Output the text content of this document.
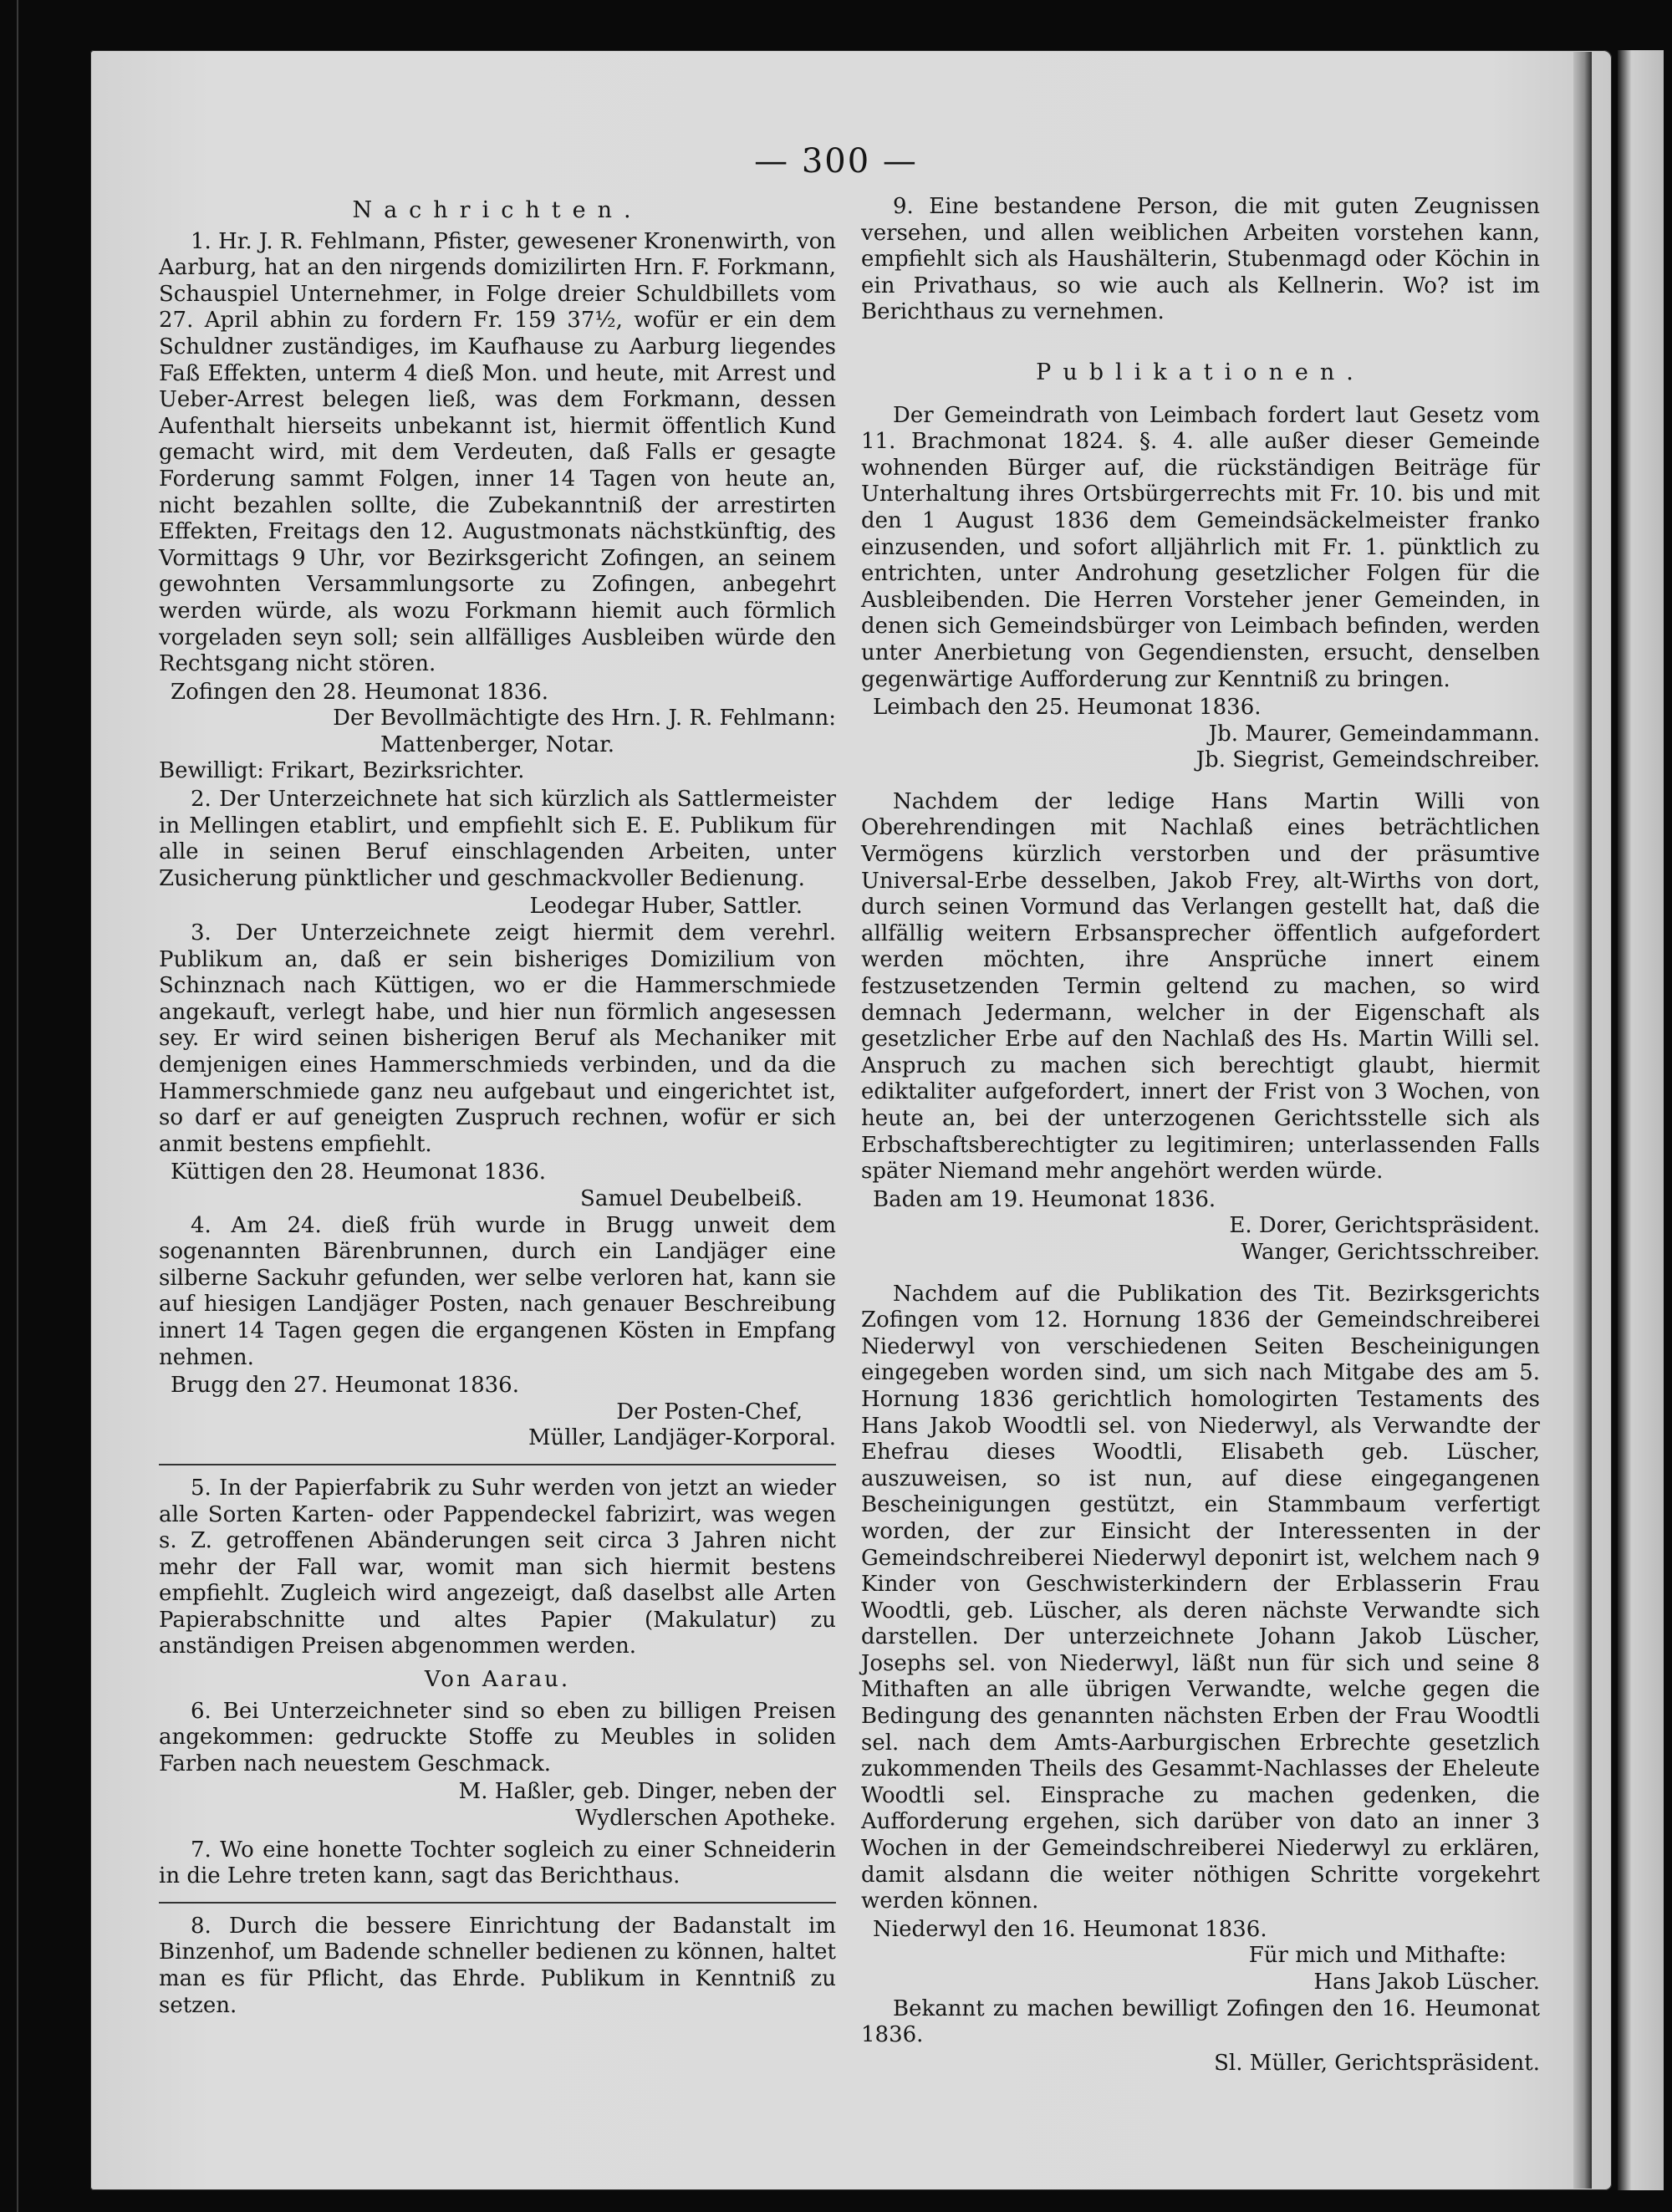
— 300 —

Nachrichten.

1. Hr. J. R. Fehlmann, Pfister, gewesener Kronenwirth, von Aarburg, hat an den nirgends domizilirten Hrn. F. Forkmann, Schauspiel Unternehmer, in Folge dreier Schuldbillets vom 27. April abhin zu fordern Fr. 159 37½, wofür er ein dem Schuldner zuständiges, im Kaufhause zu Aarburg liegendes Faß Effekten, unterm 4 dieß Mon. und heute, mit Arrest und Ueber-Arrest belegen ließ, was dem Forkmann, dessen Aufenthalt hierseits unbekannt ist, hiermit öffentlich Kund gemacht wird, mit dem Verdeuten, daß Falls er gesagte Forderung sammt Folgen, inner 14 Tagen von heute an, nicht bezahlen sollte, die Zubekanntniß der arrestirten Effekten, Freitags den 12. Augustmonats nächstkünftig, des Vormittags 9 Uhr, vor Bezirksgericht Zofingen, an seinem gewohnten Versammlungsorte zu Zofingen, anbegehrt werden würde, als wozu Forkmann hiemit auch förmlich vorgeladen seyn soll; sein allfälliges Ausbleiben würde den Rechtsgang nicht stören.

Zofingen den 28. Heumonat 1836.

Der Bevollmächtigte des Hrn. J. R. Fehlmann:

Mattenberger, Notar.

Bewilligt: Frikart, Bezirksrichter.

2. Der Unterzeichnete hat sich kürzlich als Sattlermeister in Mellingen etablirt, und empfiehlt sich E. E. Publikum für alle in seinen Beruf einschlagenden Arbeiten, unter Zusicherung pünktlicher und geschmackvoller Bedienung.

Leodegar Huber, Sattler.

3. Der Unterzeichnete zeigt hiermit dem verehrl. Publikum an, daß er sein bisheriges Domizilium von Schinznach nach Küttigen, wo er die Hammerschmiede angekauft, verlegt habe, und hier nun förmlich angesessen sey. Er wird seinen bisherigen Beruf als Mechaniker mit demjenigen eines Hammerschmieds verbinden, und da die Hammerschmiede ganz neu aufgebaut und eingerichtet ist, so darf er auf geneigten Zuspruch rechnen, wofür er sich anmit bestens empfiehlt.

Küttigen den 28. Heumonat 1836.

Samuel Deubelbeiß.

4. Am 24. dieß früh wurde in Brugg unweit dem sogenannten Bärenbrunnen, durch ein Landjäger eine silberne Sackuhr gefunden, wer selbe verloren hat, kann sie auf hiesigen Landjäger Posten, nach genauer Beschreibung innert 14 Tagen gegen die ergangenen Kösten in Empfang nehmen.

Brugg den 27. Heumonat 1836.

Der Posten-Chef,

Müller, Landjäger-Korporal.

5. In der Papierfabrik zu Suhr werden von jetzt an wieder alle Sorten Karten- oder Pappendeckel fabrizirt, was wegen s. Z. getroffenen Abänderungen seit circa 3 Jahren nicht mehr der Fall war, womit man sich hiermit bestens empfiehlt. Zugleich wird angezeigt, daß daselbst alle Arten Papierabschnitte und altes Papier (Makulatur) zu anständigen Preisen abgenommen werden.

Von Aarau.

6. Bei Unterzeichneter sind so eben zu billigen Preisen angekommen: gedruckte Stoffe zu Meubles in soliden Farben nach neuestem Geschmack.

M. Haßler, geb. Dinger, neben der

Wydlerschen Apotheke.

7. Wo eine honette Tochter sogleich zu einer Schneiderin in die Lehre treten kann, sagt das Berichthaus.

8. Durch die bessere Einrichtung der Badanstalt im Binzenhof, um Badende schneller bedienen zu können, haltet man es für Pflicht, das Ehrde. Publikum in Kenntniß zu setzen.

9. Eine bestandene Person, die mit guten Zeugnissen versehen, und allen weiblichen Arbeiten vorstehen kann, empfiehlt sich als Haushälterin, Stubenmagd oder Köchin in ein Privathaus, so wie auch als Kellnerin. Wo? ist im Berichthaus zu vernehmen.

Publikationen.

Der Gemeindrath von Leimbach fordert laut Gesetz vom 11. Brachmonat 1824. §. 4. alle außer dieser Gemeinde wohnenden Bürger auf, die rückständigen Beiträge für Unterhaltung ihres Ortsbürgerrechts mit Fr. 10. bis und mit den 1 August 1836 dem Gemeindsäckelmeister franko einzusenden, und sofort alljährlich mit Fr. 1. pünktlich zu entrichten, unter Androhung gesetzlicher Folgen für die Ausbleibenden. Die Herren Vorsteher jener Gemeinden, in denen sich Gemeindsbürger von Leimbach befinden, werden unter Anerbietung von Gegendiensten, ersucht, denselben gegenwärtige Aufforderung zur Kenntniß zu bringen.

Leimbach den 25. Heumonat 1836.

Jb. Maurer, Gemeindammann.

Jb. Siegrist, Gemeindschreiber.

Nachdem der ledige Hans Martin Willi von Oberehrendingen mit Nachlaß eines beträchtlichen Vermögens kürzlich verstorben und der präsumtive Universal-Erbe desselben, Jakob Frey, alt-Wirths von dort, durch seinen Vormund das Verlangen gestellt hat, daß die allfällig weitern Erbsansprecher öffentlich aufgefordert werden möchten, ihre Ansprüche innert einem festzusetzenden Termin geltend zu machen, so wird demnach Jedermann, welcher in der Eigenschaft als gesetzlicher Erbe auf den Nachlaß des Hs. Martin Willi sel. Anspruch zu machen sich berechtigt glaubt, hiermit ediktaliter aufgefordert, innert der Frist von 3 Wochen, von heute an, bei der unterzogenen Gerichtsstelle sich als Erbschaftsberechtigter zu legitimiren; unterlassenden Falls später Niemand mehr angehört werden würde.

Baden am 19. Heumonat 1836.

E. Dorer, Gerichtspräsident.

Wanger, Gerichtsschreiber.

Nachdem auf die Publikation des Tit. Bezirksgerichts Zofingen vom 12. Hornung 1836 der Gemeindschreiberei Niederwyl von verschiedenen Seiten Bescheinigungen eingegeben worden sind, um sich nach Mitgabe des am 5. Hornung 1836 gerichtlich homologirten Testaments des Hans Jakob Woodtli sel. von Niederwyl, als Verwandte der Ehefrau dieses Woodtli, Elisabeth geb. Lüscher, auszuweisen, so ist nun, auf diese eingegangenen Bescheinigungen gestützt, ein Stammbaum verfertigt worden, der zur Einsicht der Interessenten in der Gemeindschreiberei Niederwyl deponirt ist, welchem nach 9 Kinder von Geschwisterkindern der Erblasserin Frau Woodtli, geb. Lüscher, als deren nächste Verwandte sich darstellen. Der unterzeichnete Johann Jakob Lüscher, Josephs sel. von Niederwyl, läßt nun für sich und seine 8 Mithaften an alle übrigen Verwandte, welche gegen die Bedingung des genannten nächsten Erben der Frau Woodtli sel. nach dem Amts-Aarburgischen Erbrechte gesetzlich zukommenden Theils des Gesammt-Nachlasses der Eheleute Woodtli sel. Einsprache zu machen gedenken, die Aufforderung ergehen, sich darüber von dato an inner 3 Wochen in der Gemeindschreiberei Niederwyl zu erklären, damit alsdann die weiter nöthigen Schritte vorgekehrt werden können.

Niederwyl den 16. Heumonat 1836.

Für mich und Mithafte:

Hans Jakob Lüscher.

Bekannt zu machen bewilligt Zofingen den 16. Heumonat 1836.

Sl. Müller, Gerichtspräsident.
